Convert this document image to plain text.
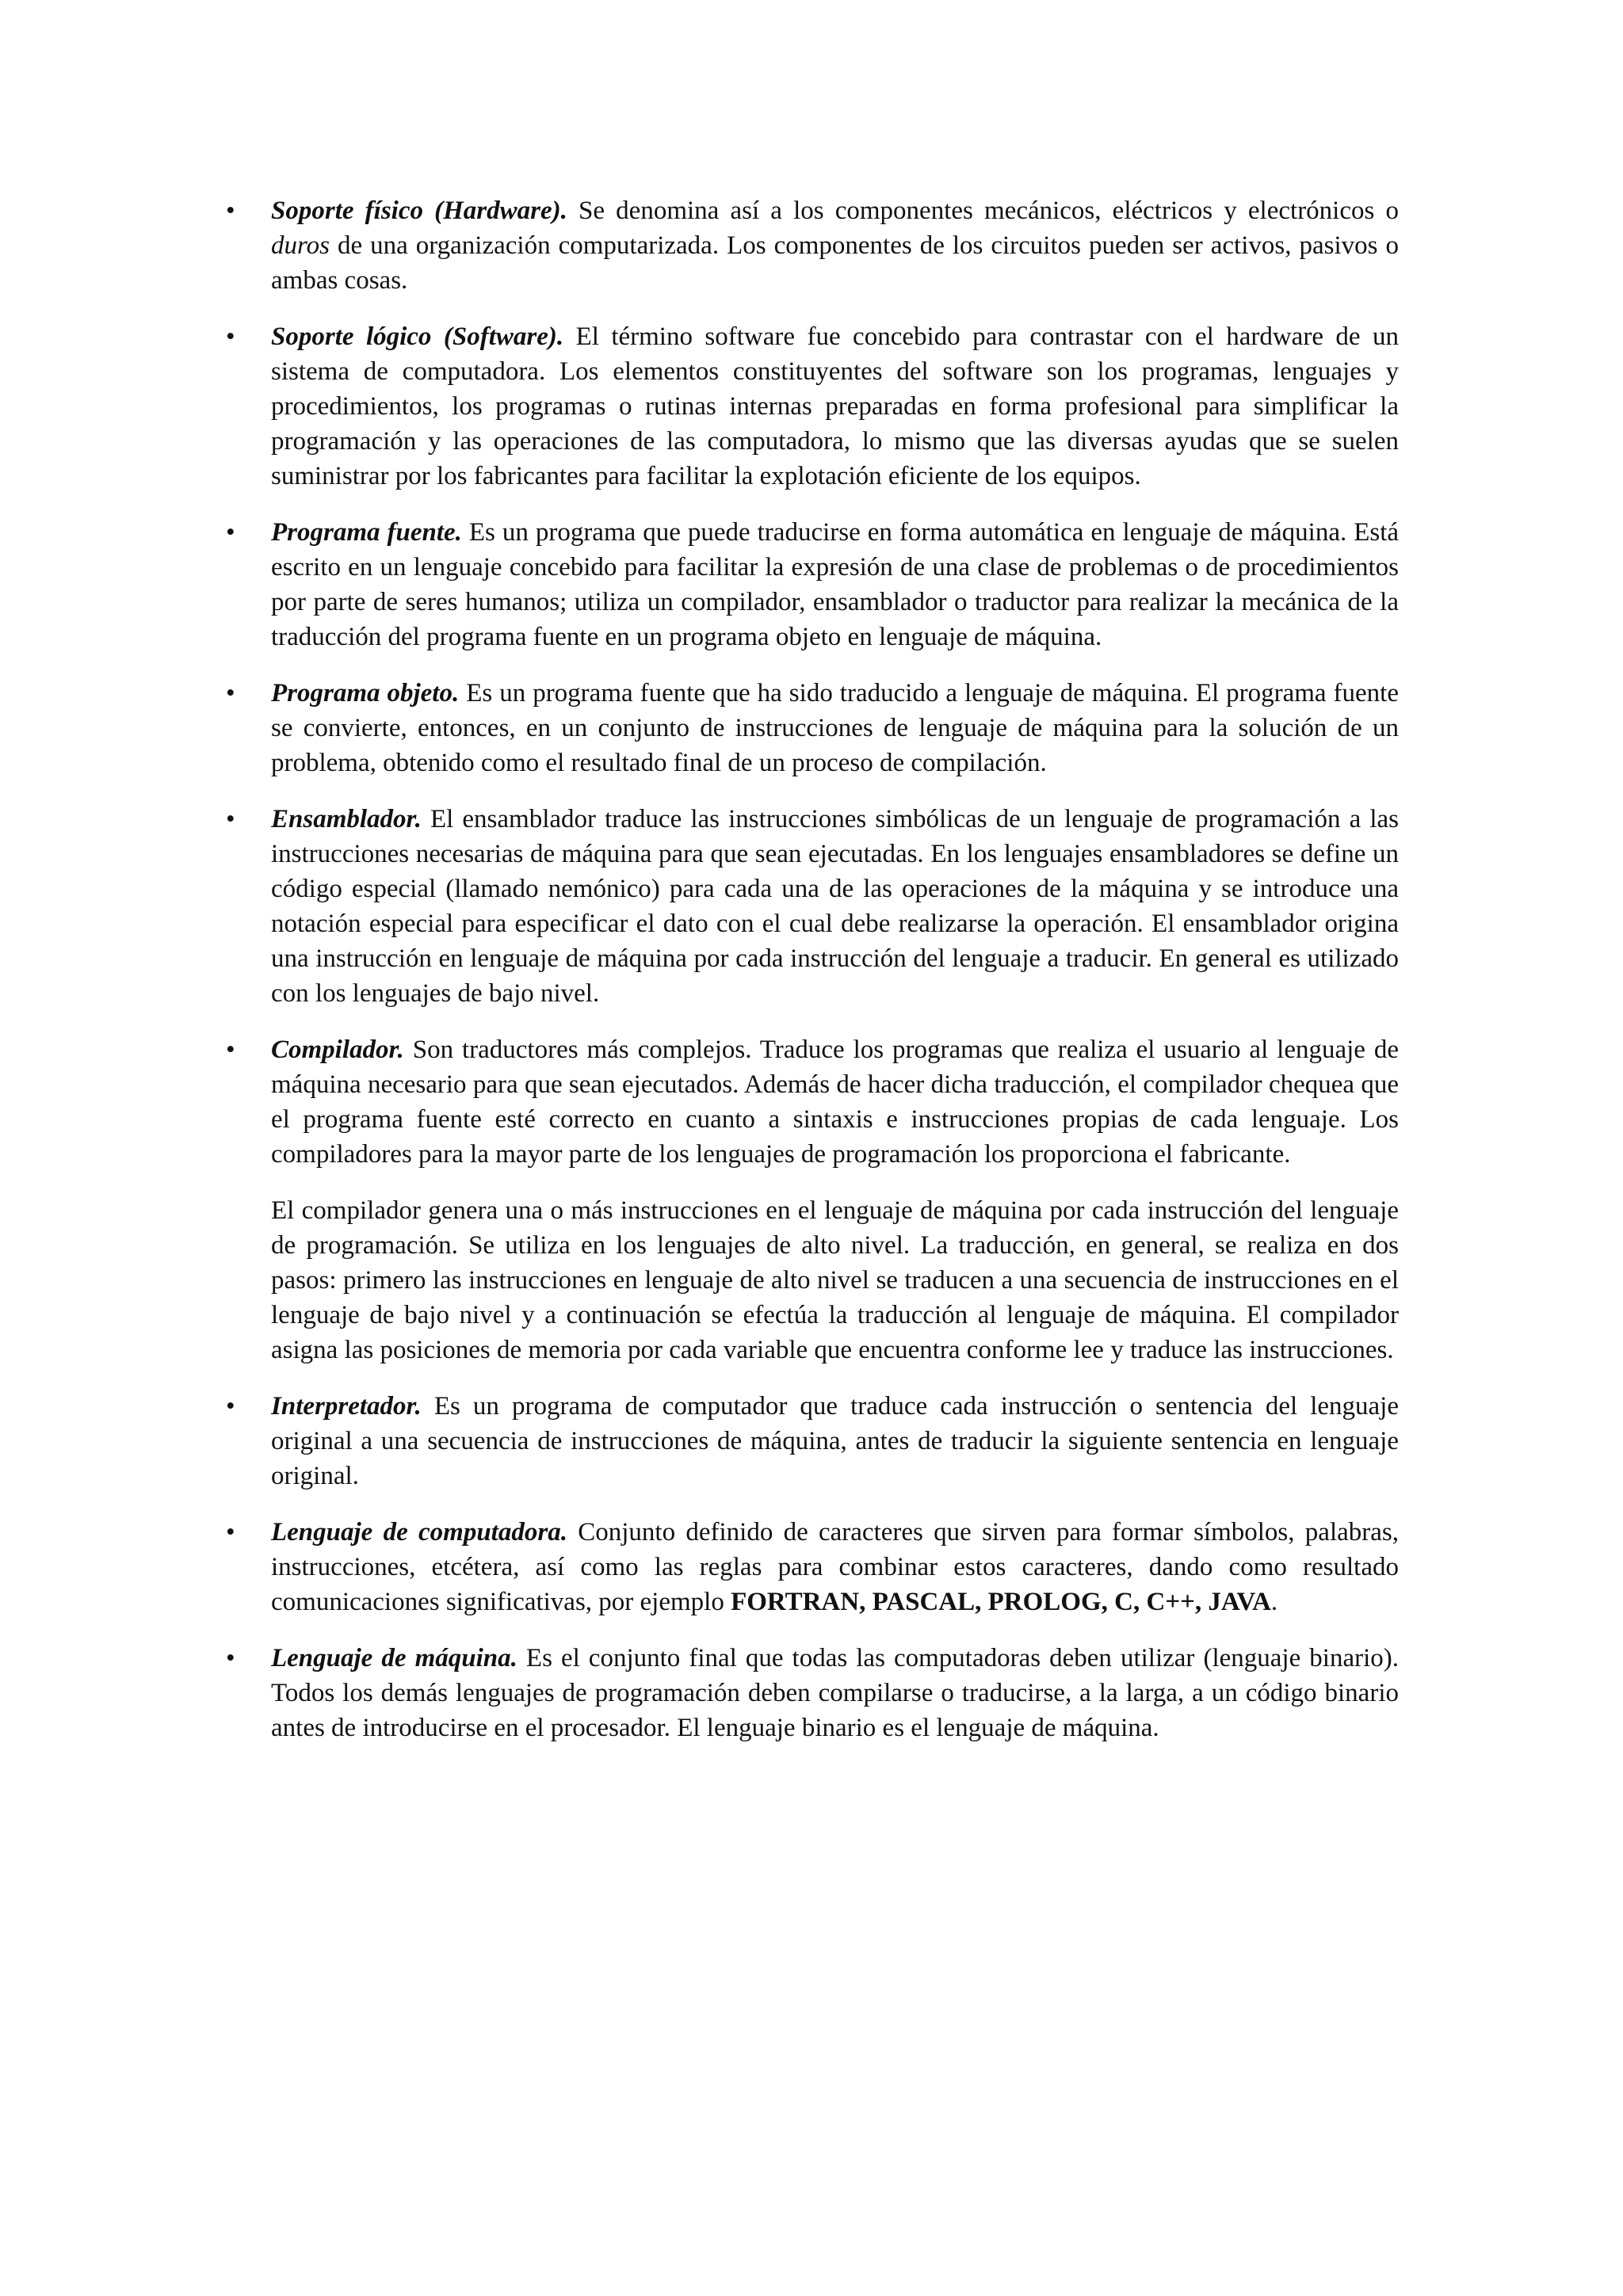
• Soporte físico (Hardware). Se denomina así a los componentes mecánicos, eléctricos y electrónicos o duros de una organización computarizada. Los componentes de los circuitos pueden ser activos, pasivos o ambas cosas.
• Soporte lógico (Software). El término software fue concebido para contrastar con el hardware de un sistema de computadora. Los elementos constituyentes del software son los programas, lenguajes y procedimientos, los programas o rutinas internas preparadas en forma profesional para simplificar la programación y las operaciones de las computadora, lo mismo que las diversas ayudas que se suelen suministrar por los fabricantes para facilitar la explotación eficiente de los equipos.
• Programa fuente. Es un programa que puede traducirse en forma automática en lenguaje de máquina. Está escrito en un lenguaje concebido para facilitar la expresión de una clase de problemas o de procedimientos por parte de seres humanos; utiliza un compilador, ensamblador o traductor para realizar la mecánica de la traducción del programa fuente en un programa objeto en lenguaje de máquina.
• Programa objeto. Es un programa fuente que ha sido traducido a lenguaje de máquina. El programa fuente se convierte, entonces, en un conjunto de instrucciones de lenguaje de máquina para la solución de un problema, obtenido como el resultado final de un proceso de compilación.
• Ensamblador. El ensamblador traduce las instrucciones simbólicas de un lenguaje de programación a las instrucciones necesarias de máquina para que sean ejecutadas. En los lenguajes ensambladores se define un código especial (llamado nemónico) para cada una de las operaciones de la máquina y se introduce una notación especial para especificar el dato con el cual debe realizarse la operación. El ensamblador origina una instrucción en lenguaje de máquina por cada instrucción del lenguaje a traducir. En general es utilizado con los lenguajes de bajo nivel.
• Compilador. Son traductores más complejos. Traduce los programas que realiza el usuario al lenguaje de máquina necesario para que sean ejecutados. Además de hacer dicha traducción, el compilador chequea que el programa fuente esté correcto en cuanto a sintaxis e instrucciones propias de cada lenguaje. Los compiladores para la mayor parte de los lenguajes de programación los proporciona el fabricante.
El compilador genera una o más instrucciones en el lenguaje de máquina por cada instrucción del lenguaje de programación. Se utiliza en los lenguajes de alto nivel. La traducción, en general, se realiza en dos pasos: primero las instrucciones en lenguaje de alto nivel se traducen a una secuencia de instrucciones en el lenguaje de bajo nivel y a continuación se efectúa la traducción al lenguaje de máquina. El compilador asigna las posiciones de memoria por cada variable que encuentra conforme lee y traduce las instrucciones.
• Interpretador. Es un programa de computador que traduce cada instrucción o sentencia del lenguaje original a una secuencia de instrucciones de máquina, antes de traducir la siguiente sentencia en lenguaje original.
• Lenguaje de computadora. Conjunto definido de caracteres que sirven para formar símbolos, palabras, instrucciones, etcétera, así como las reglas para combinar estos caracteres, dando como resultado comunicaciones significativas, por ejemplo FORTRAN, PASCAL, PROLOG, C, C++, JAVA.
• Lenguaje de máquina. Es el conjunto final que todas las computadoras deben utilizar (lenguaje binario). Todos los demás lenguajes de programación deben compilarse o traducirse, a la larga, a un código binario antes de introducirse en el procesador. El lenguaje binario es el lenguaje de máquina.
